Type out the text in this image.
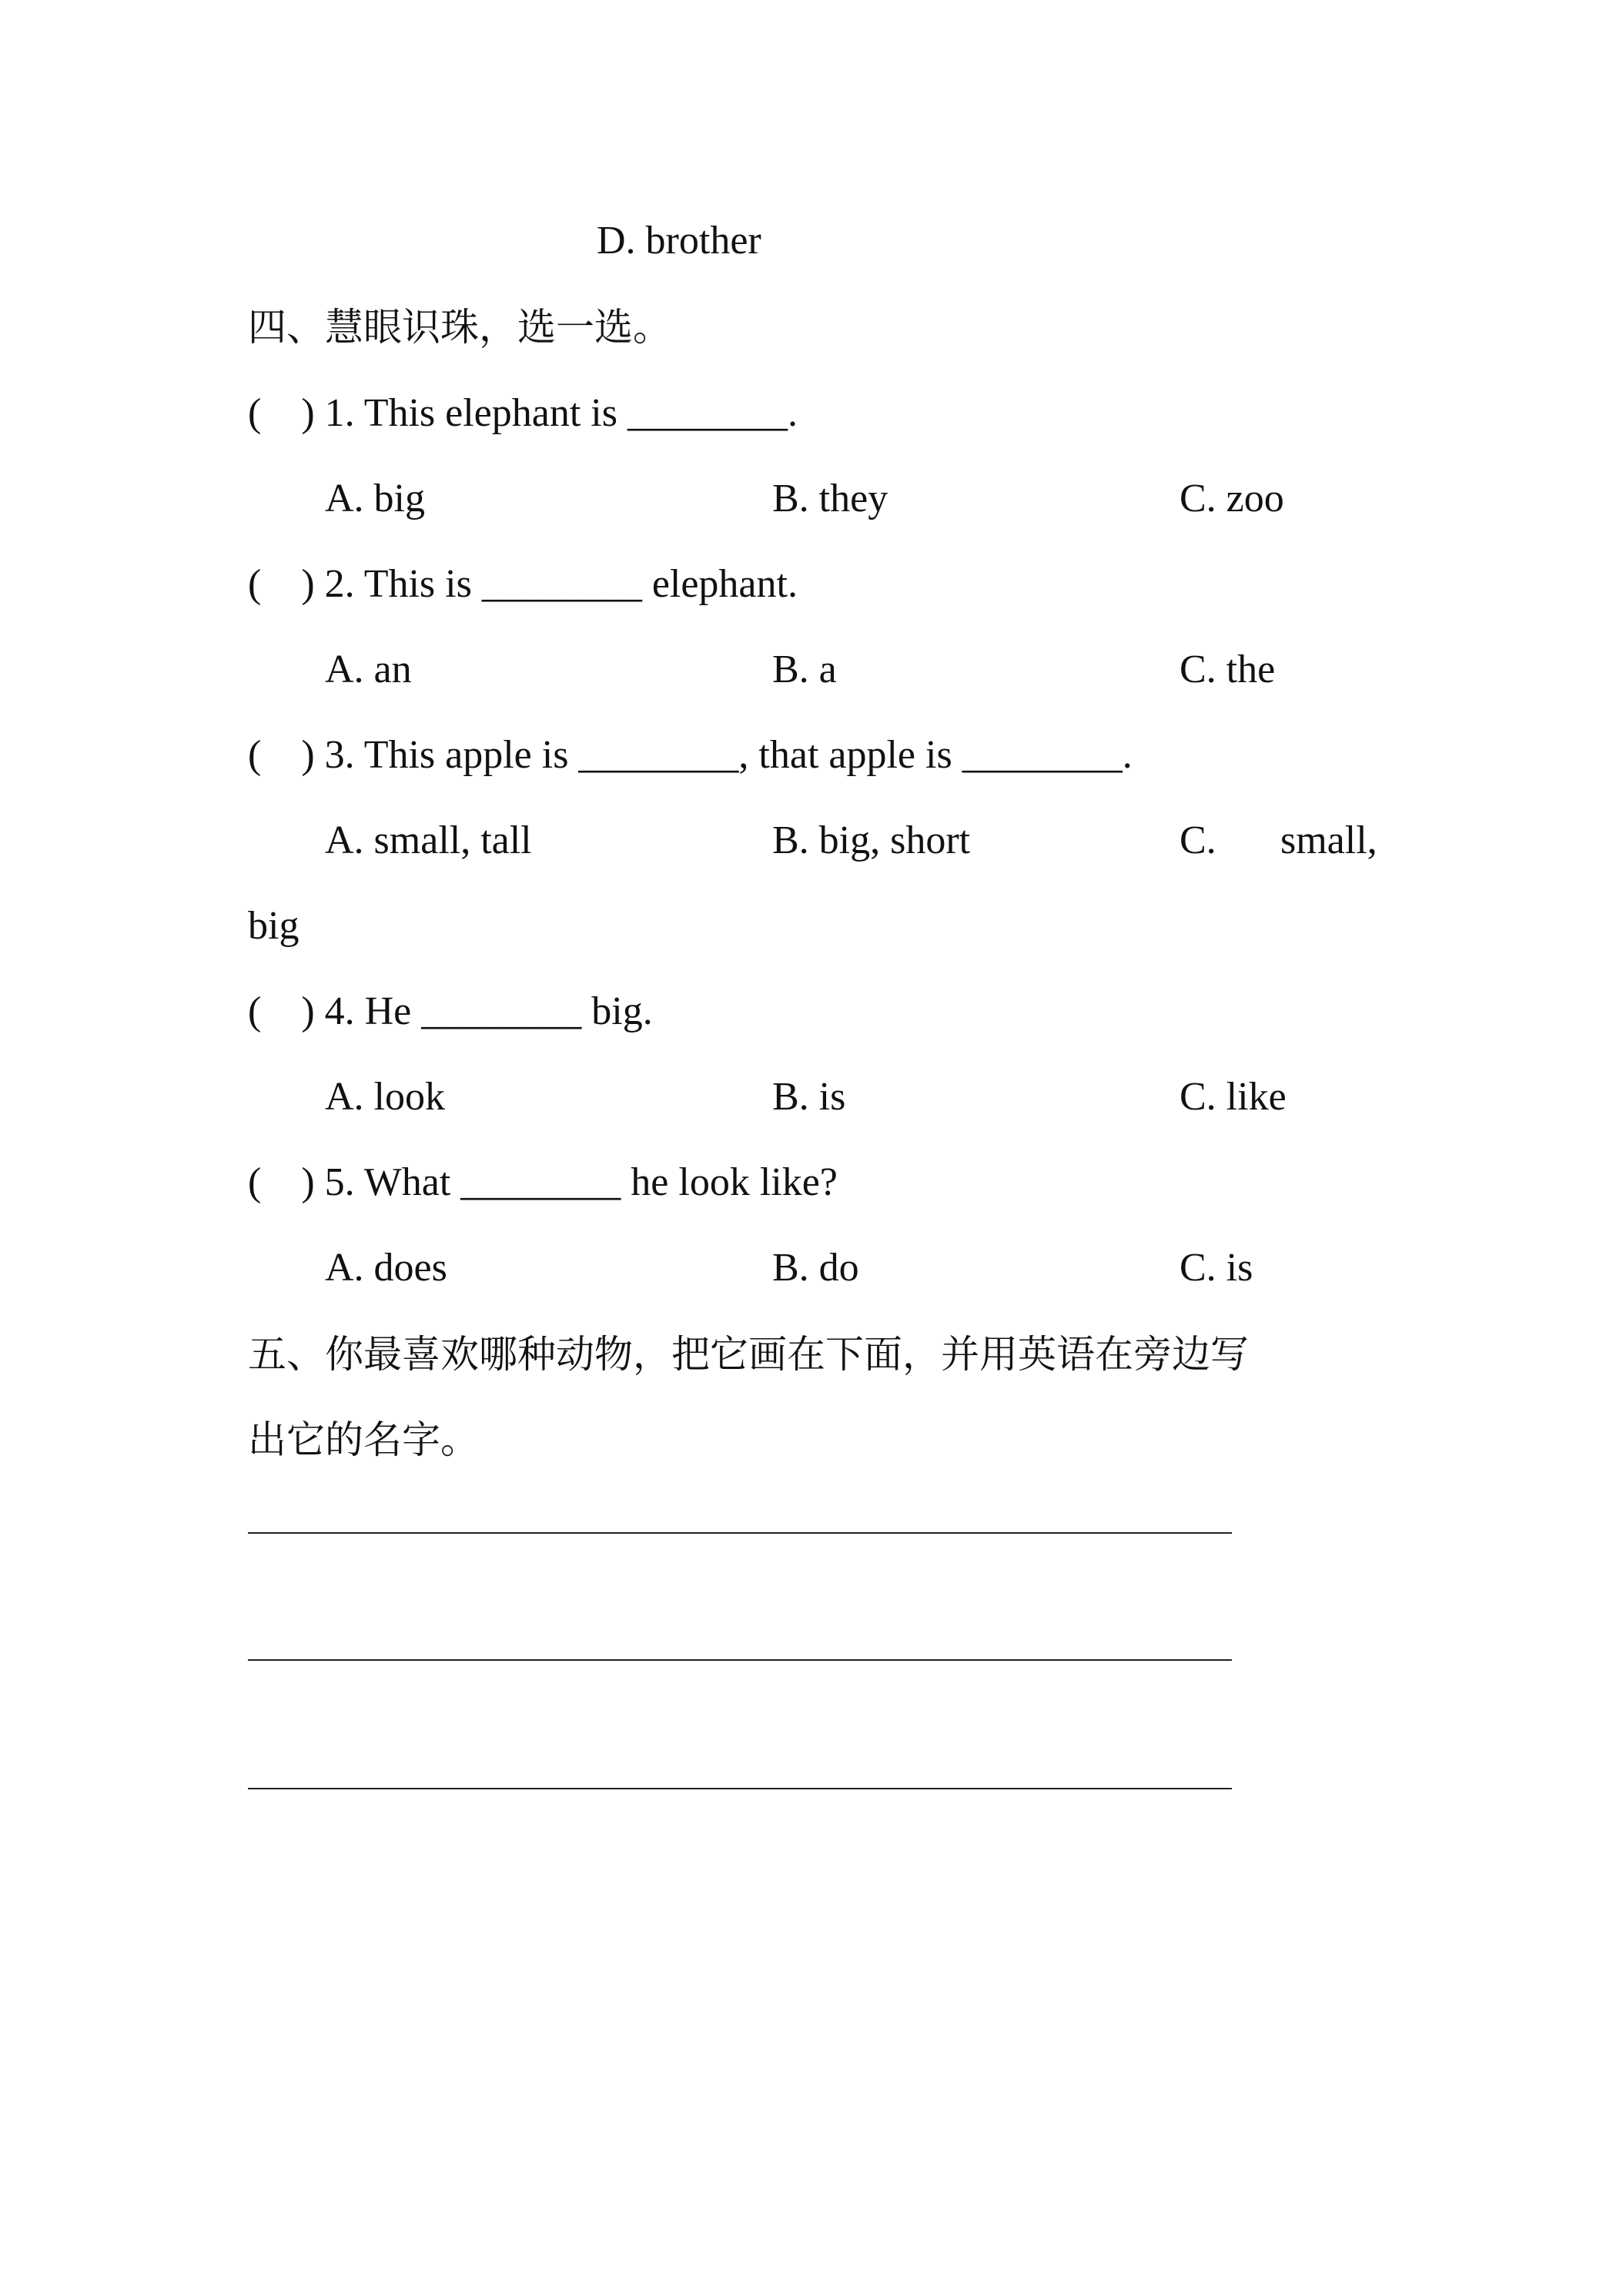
D. brother
四、慧眼识珠，选一选。
(    ) 1. This elephant is ________.
A. big	B. they	C. zoo
(    ) 2. This is ________ elephant.
A. an	B. a	C. the
(    ) 3. This apple is ________, that apple is ________.
A. small, tall	B. big, short	C. small,
big
(    ) 4. He ________ big.
A. look	B. is	C. like
(    ) 5. What ________ he look like?
A. does	B. do	C. is
五、你最喜欢哪种动物，把它画在下面，并用英语在旁边写
出它的名字。
